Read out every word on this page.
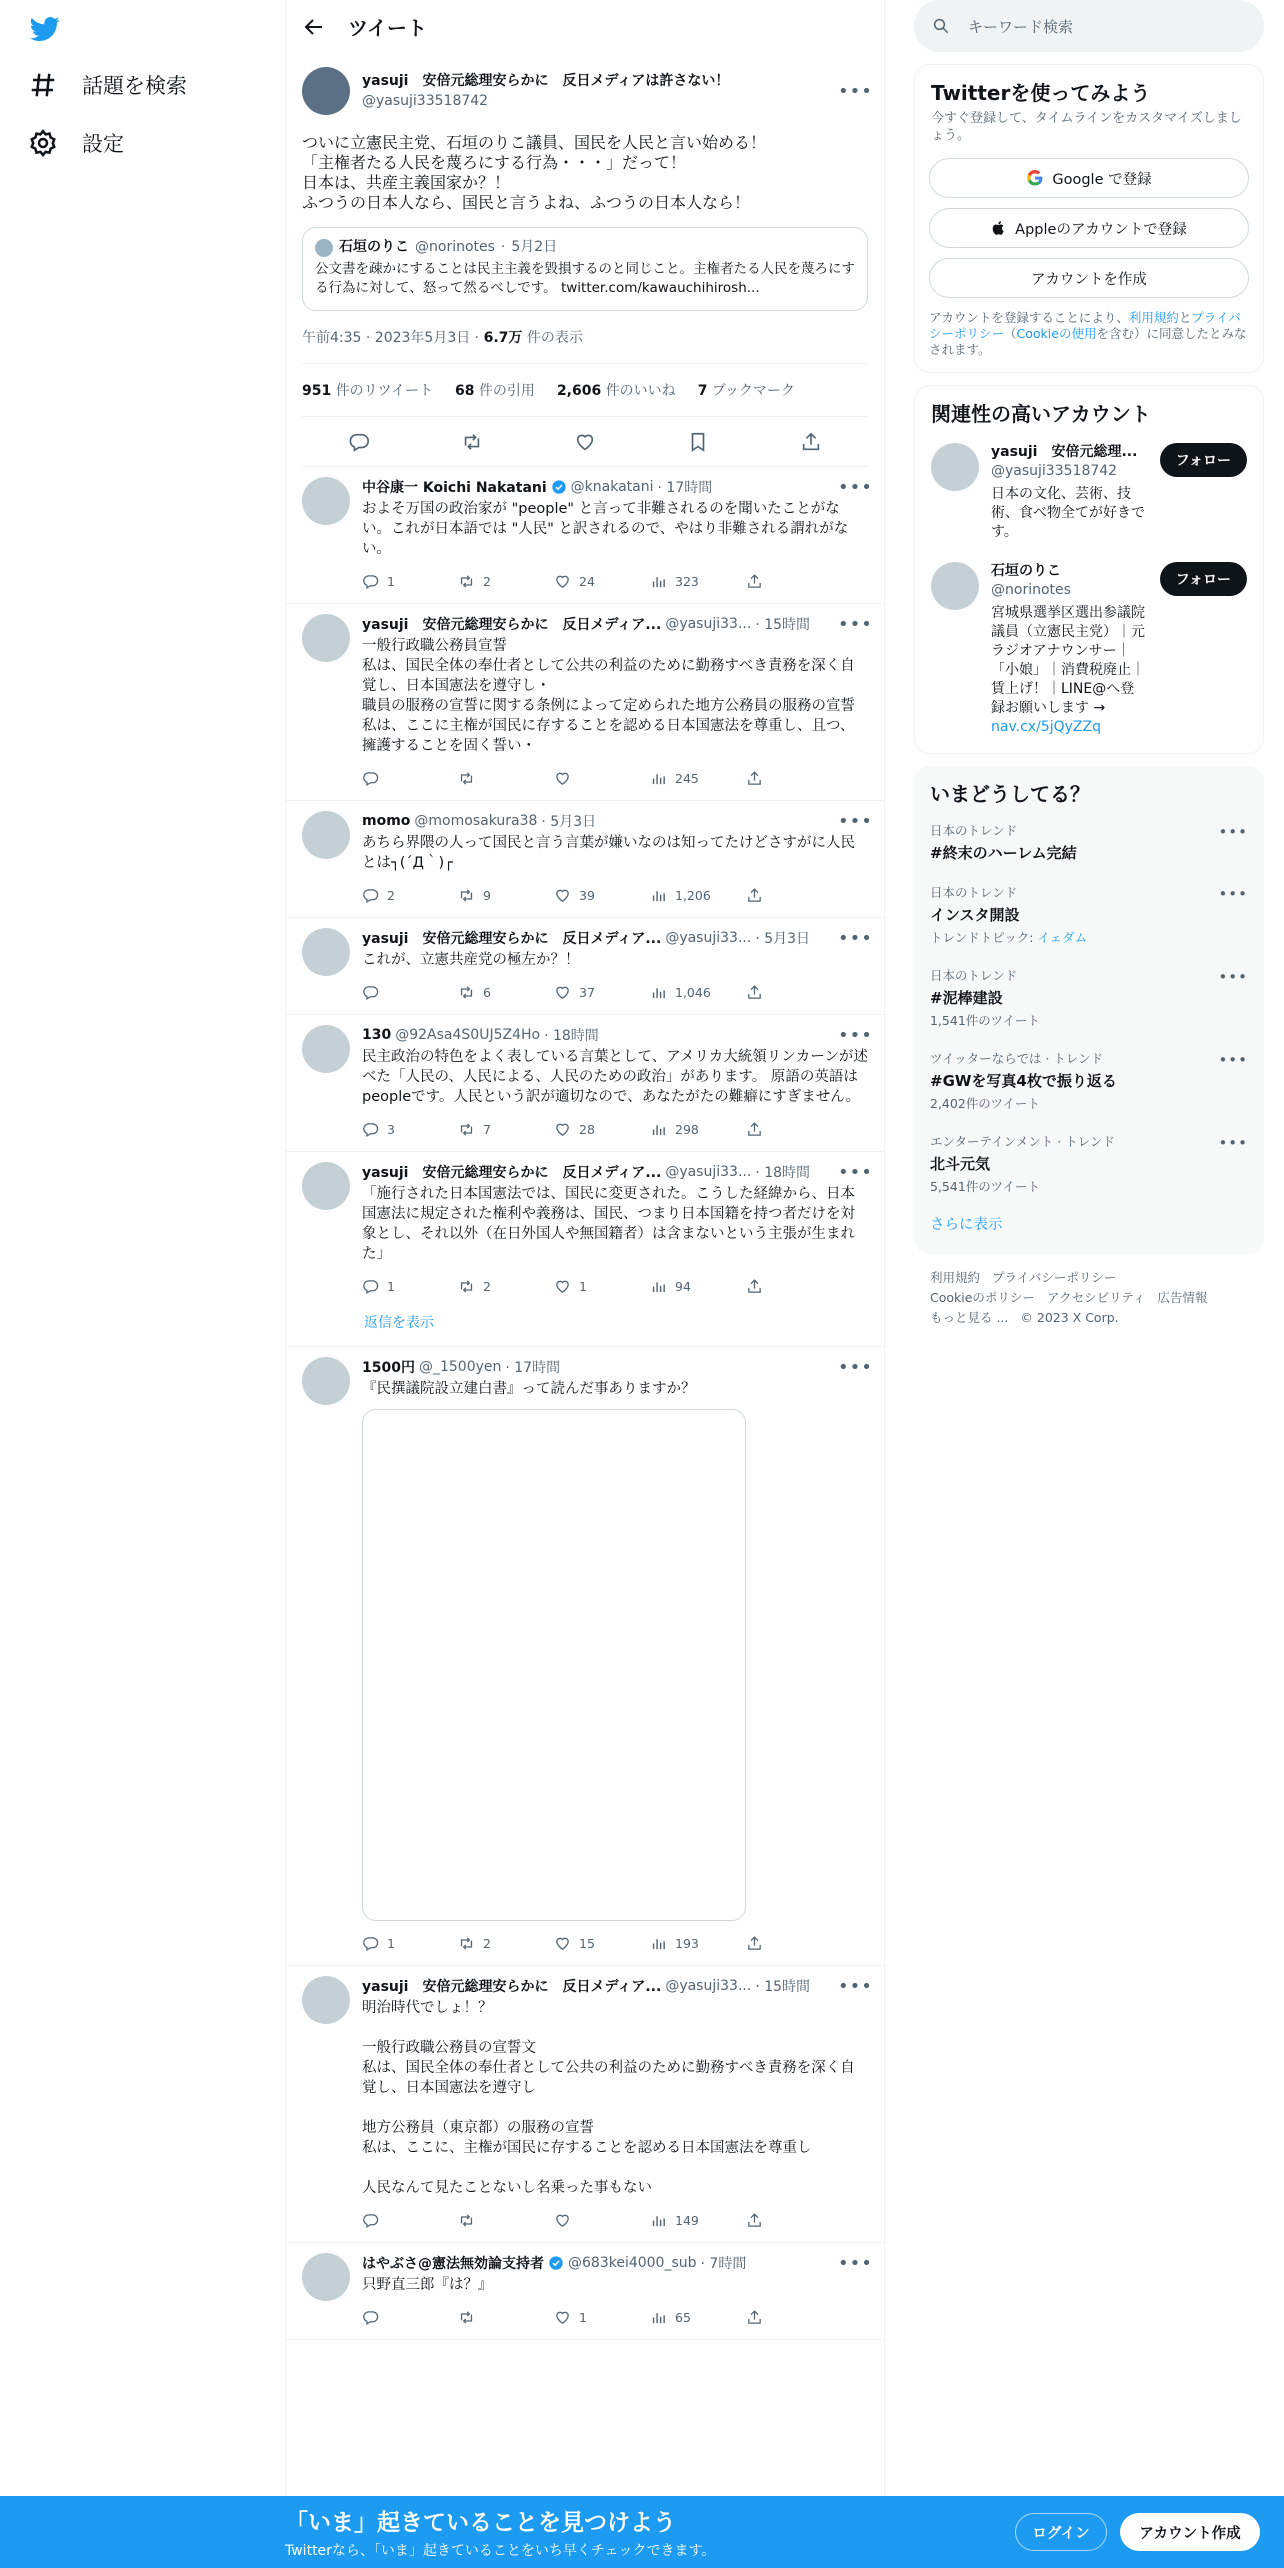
話題を検索
設定
ツイート
yasuji　安倍元総理安らかに　反日メディアは許さない！
@yasuji33518742	•••
ついに立憲民主党、石垣のりこ議員、国民を人民と言い始める！
「主権者たる人民を蔑ろにする行為・・・」だって！
日本は、共産主義国家か？！
ふつうの日本人なら、国民と言うよね、ふつうの日本人なら！
石垣のりこ @norinotes · 5月2日
公文書を疎かにすることは民主主義を毀損するのと同じこと。主権者たる人民を蔑ろにする行為に対して、怒って然るべしです。 twitter.com/kawauchihirosh...
午前4:35 · 2023年5月3日 · 6.7万 件の表示
951 件のリツイート 68 件の引用 2,606 件のいいね 7 ブックマーク
中谷康一 Koichi Nakatani @knakatani · 17時間	•••
およそ万国の政治家が "people" と言って非難されるのを聞いたことがない。これが日本語では "人民" と訳されるので、やはり非難される謂れがない。
1	2	24	323
yasuji　安倍元総理安らかに　反日メディア... @yasuji33... · 15時間 •••
一般行政職公務員宣誓
私は、国民全体の奉仕者として公共の利益のために勤務すべき責務を深く自覚し、日本国憲法を遵守し・
職員の服務の宣誓に関する条例によって定められた地方公務員の服務の宣誓
私は、ここに主権が国民に存することを認める日本国憲法を尊重し、且つ、擁護することを固く誓い・
245
momo @momosakura38 · 5月3日	•••
あちら界隈の人って国民と言う言葉が嫌いなのは知ってたけどさすがに人民とは┐(´Д｀)┌
2	9	39	1,206
yasuji　安倍元総理安らかに　反日メディア... @yasuji33... · 5月3日 •••
これが、立憲共産党の極左か？！
6	37	1,046
130 @92Asa4S0UJ5Z4Ho · 18時間	•••
民主政治の特色をよく表している言葉として、アメリカ大統領リンカーンが述べた「人民の、人民による、人民のための政治」があります。 原語の英語はpeopleです。人民という訳が適切なので、あなたがたの難癖にすぎません。
3	7	28	298
yasuji　安倍元総理安らかに　反日メディア... @yasuji33... · 18時間 •••
「施行された日本国憲法では、国民に変更された。こうした経緯から、日本国憲法に規定された権利や義務は、国民、つまり日本国籍を持つ者だけを対象とし、それ以外（在日外国人や無国籍者）は含まないという主張が生まれた」
1	2	1	94
返信を表示
1500円 @_1500yen · 17時間	•••
『民撰議院設立建白書』って読んだ事ありますか？
1	2	15	193
yasuji　安倍元総理安らかに　反日メディア... @yasuji33... · 15時間 •••
明治時代でしょ！？

一般行政職公務員の宣誓文
私は、国民全体の奉仕者として公共の利益のために勤務すべき責務を深く自覚し、日本国憲法を遵守し

地方公務員（東京都）の服務の宣誓
私は、ここに、主権が国民に存することを認める日本国憲法を尊重し

人民なんて見たことないし名乗った事もない
149
はやぶさ@憲法無効論支持者 @683kei4000_sub · 7時間	•••
只野直三郎『は？』
1	65
キーワード検索
Twitterを使ってみよう
今すぐ登録して、タイムラインをカスタマイズしましょう。
Google で登録
Appleのアカウントで登録
アカウントを作成
アカウントを登録することにより、利用規約とプライバシーポリシー（Cookieの使用を含む）に同意したとみなされます。
関連性の高いアカウント
yasuji　安倍元総理...
@yasuji33518742
日本の文化、芸術、技術、食べ物全てが好きです。
フォロー
石垣のりこ
@norinotes
宮城県選挙区選出参議院議員（立憲民主党）｜元ラジオアナウンサー｜「小娘」｜消費税廃止｜賃上げ！｜LINE@へ登録お願いします →
nav.cx/5jQyZZq
フォロー
いまどうしてる？
日本のトレンド
#終末のハーレム完結
•••
日本のトレンド
インスタ開設
トレンドトピック: イェダム
•••
日本のトレンド
#泥棒建設
1,541件のツイート
•••
ツイッターならでは · トレンド
#GWを写真4枚で振り返る
2,402件のツイート
•••
エンターテインメント · トレンド
北斗元気
5,541件のツイート
•••
さらに表示
利用規約 プライバシーポリシー
Cookieのポリシー アクセシビリティ 広告情報
もっと見る ... © 2023 X Corp.
「いま」起きていることを見つけよう
Twitterなら、「いま」起きていることをいち早くチェックできます。
ログイン	アカウント作成
